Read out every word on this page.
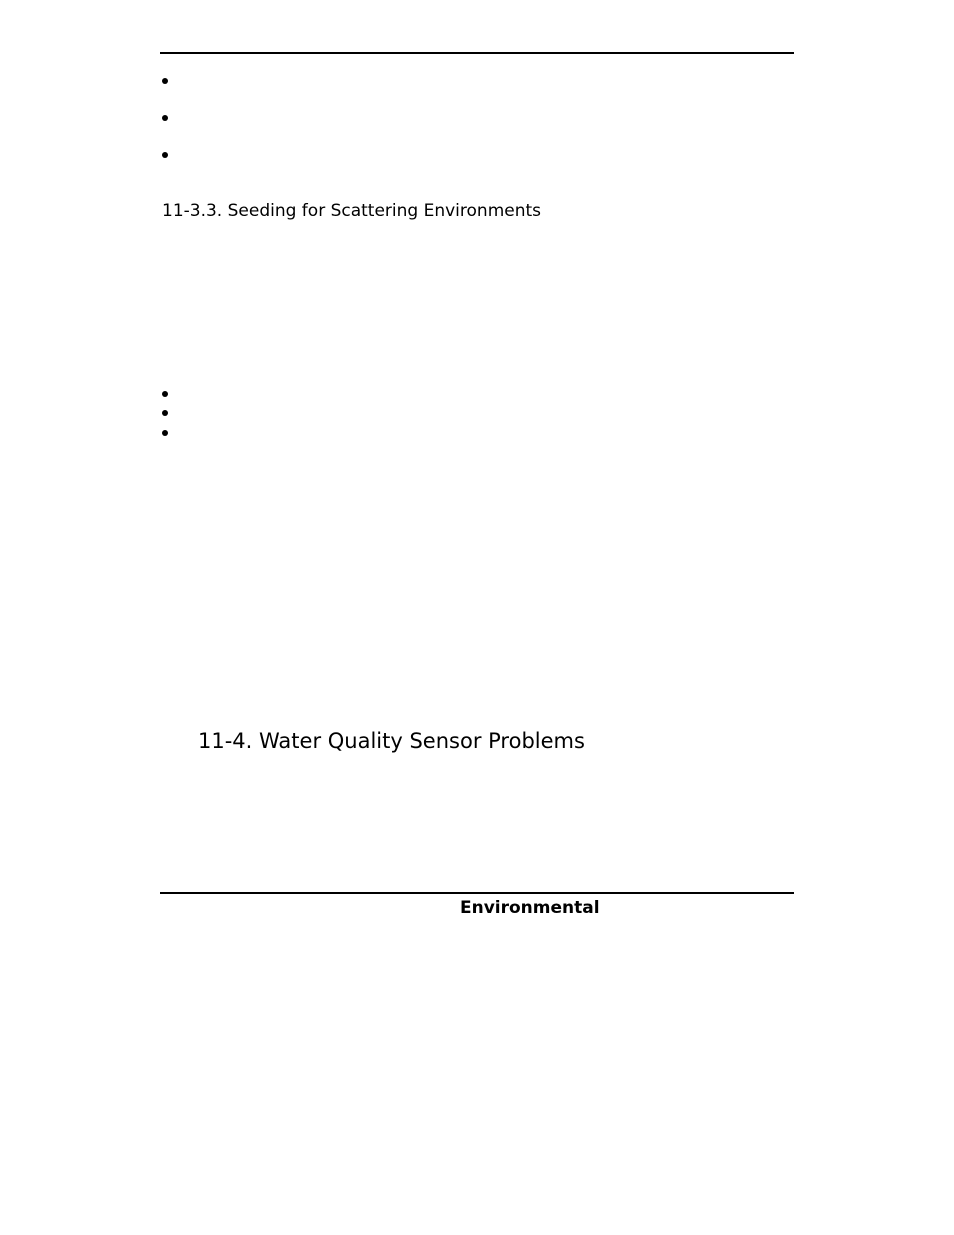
11-3.3. Seeding for Scattering Environments
11-4. Water Quality Sensor Problems
Environmental
